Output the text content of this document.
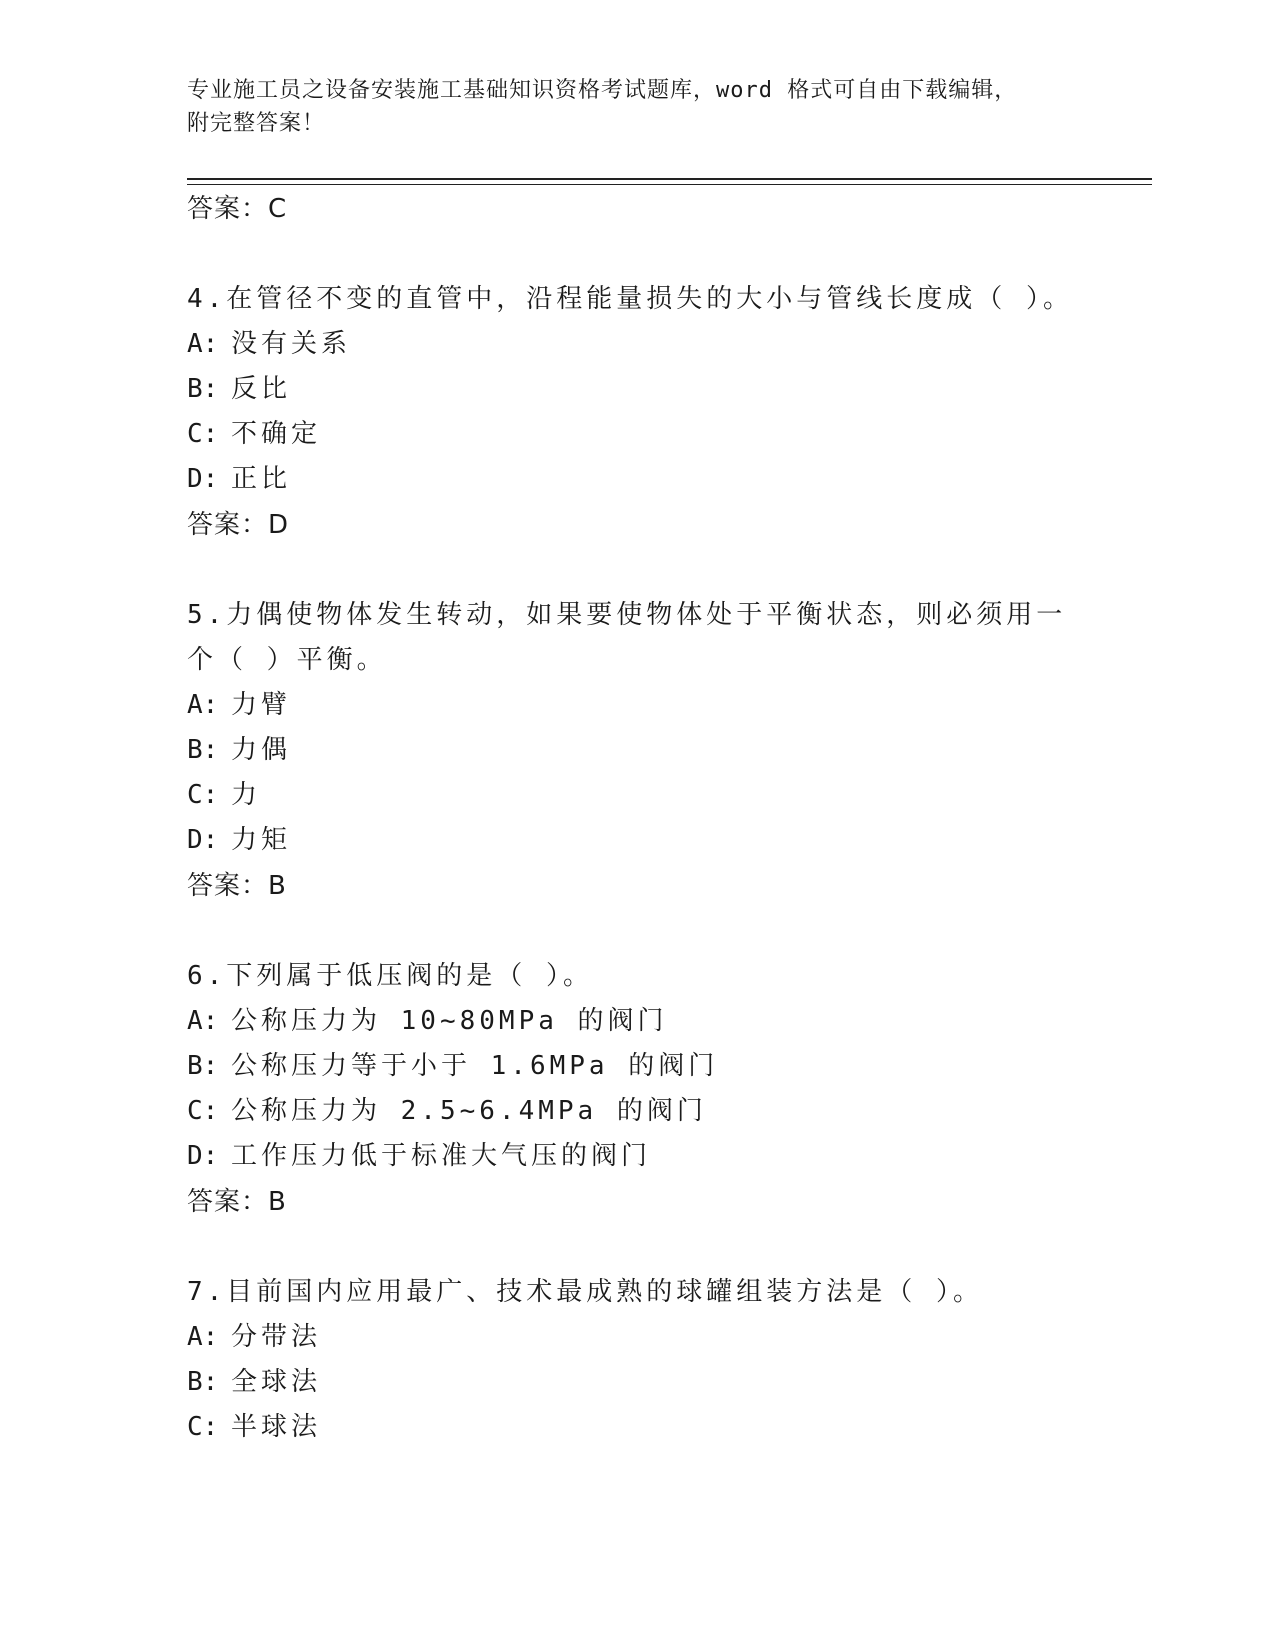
专业施工员之设备安装施工基础知识资格考试题库，word 格式可自由下载编辑，
附完整答案！
答案：C
4.在管径不变的直管中，沿程能量损失的大小与管线长度成（ ）。
A: 没有关系
B: 反比
C: 不确定
D: 正比
答案：D
5.力偶使物体发生转动，如果要使物体处于平衡状态，则必须用一个（ ）平衡。
A: 力臂
B: 力偶
C: 力
D: 力矩
答案：B
6.下列属于低压阀的是（ ）。
A: 公称压力为 10~80MPa 的阀门
B: 公称压力等于小于 1.6MPa 的阀门
C: 公称压力为 2.5~6.4MPa 的阀门
D: 工作压力低于标准大气压的阀门
答案：B
7.目前国内应用最广、技术最成熟的球罐组装方法是（ ）。
A: 分带法
B: 全球法
C: 半球法
